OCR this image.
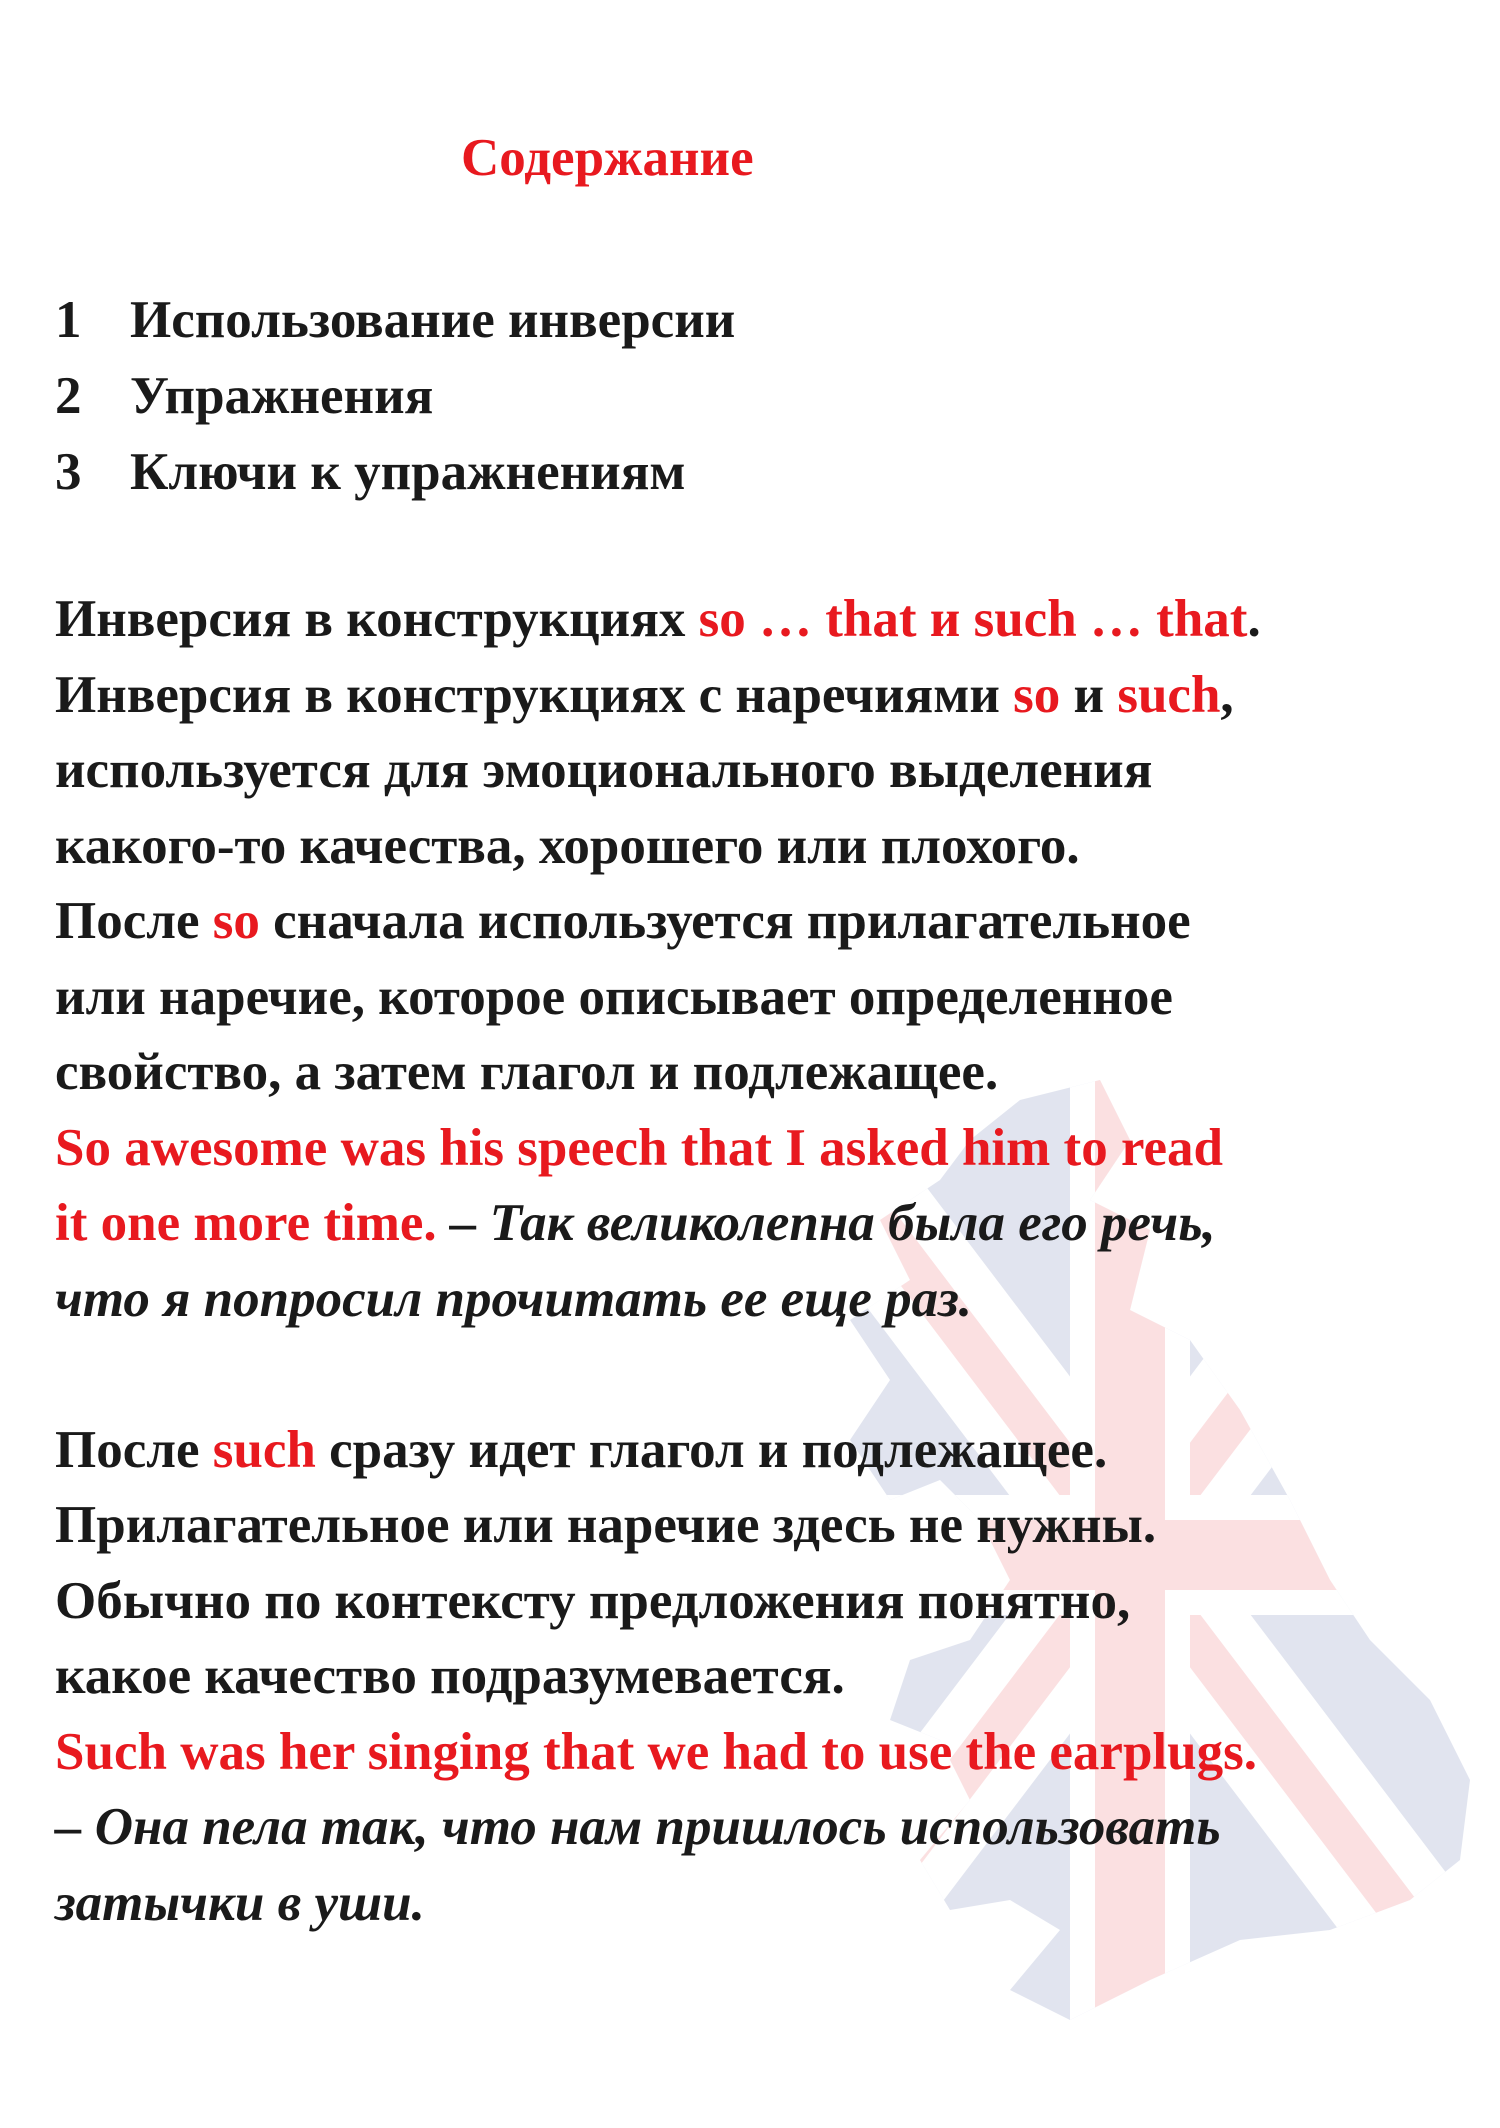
Содержание
1 Использование инверсии
2 Упражнения
3 Ключи к упражнениям
Инверсия в конструкциях so … that и such … that.
Инверсия в конструкциях с наречиями so и such,
используется для эмоционального выделения
какого-то качества, хорошего или плохого.
После so сначала используется прилагательное
или наречие, которое описывает определенное
свойство, а затем глагол и подлежащее.
So awesome was his speech that I asked him to read
it one more time. – Так великолепна была его речь,
что я попросил прочитать ее еще раз.
После such сразу идет глагол и подлежащее.
Прилагательное или наречие здесь не нужны.
Обычно по контексту предложения понятно,
какое качество подразумевается.
Such was her singing that we had to use the earplugs.
– Она пела так, что нам пришлось использовать
затычки в уши.
